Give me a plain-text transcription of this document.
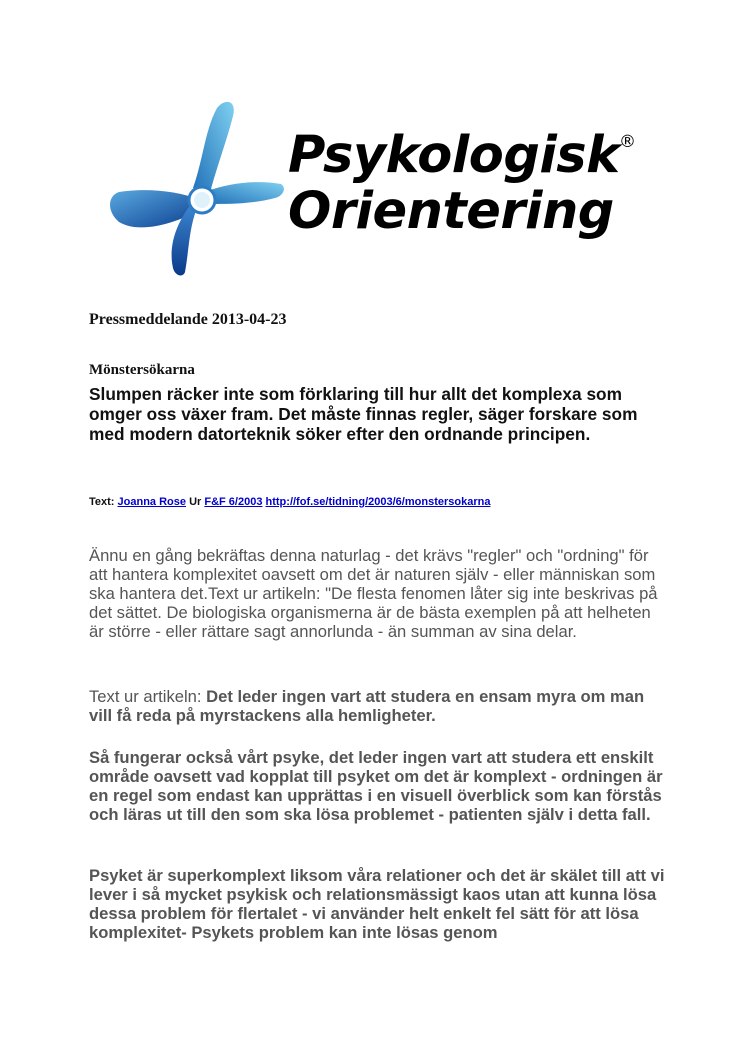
Psykologisk
Orientering
®
Pressmeddelande 2013-04-23
Mönstersökarna
Slumpen räcker inte som förklaring till hur allt det komplexa som omger oss växer fram. Det måste finnas regler, säger forskare som med modern datorteknik söker efter den ordnande principen.
Text: Joanna Rose Ur F&F 6/2003 http://fof.se/tidning/2003/6/monstersokarna
Ännu en gång bekräftas denna naturlag - det krävs "regler" och "ordning" för att hantera komplexitet oavsett om det är naturen själv - eller människan som ska hantera det.Text ur artikeln: "De flesta fenomen låter sig inte beskrivas på det sättet. De biologiska organismerna är de bästa exemplen på att helheten är större - eller rättare sagt annorlunda - än summan av sina delar.
Text ur artikeln: Det leder ingen vart att studera en ensam myra om man vill få reda på myrstackens alla hemligheter.
Så fungerar också vårt psyke, det leder ingen vart att studera ett enskilt område oavsett vad kopplat till psyket om det är komplext - ordningen är en regel som endast kan upprättas i en visuell överblick som kan förstås och läras ut till den som ska lösa problemet - patienten själv i detta fall.
Psyket är superkomplext liksom våra relationer och det är skälet till att vi lever i så mycket psykisk och relationsmässigt kaos utan att kunna lösa dessa problem för flertalet - vi använder helt enkelt fel sätt för att lösa komplexitet- Psykets problem kan inte lösas genom
